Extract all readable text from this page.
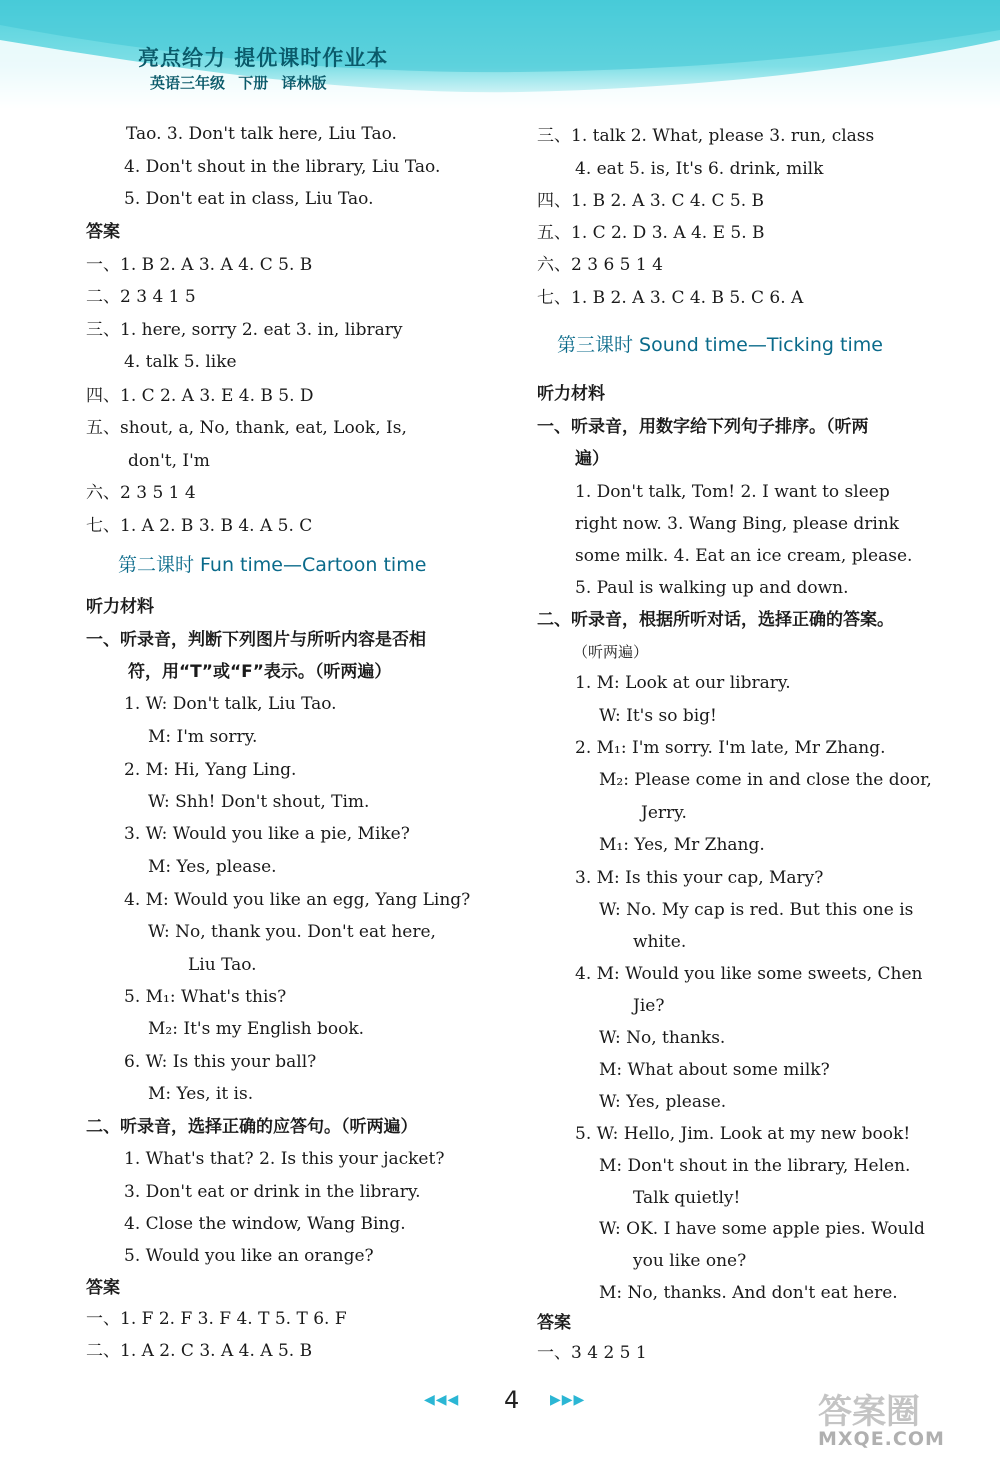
亮点给力 提优课时作业本
英语三年级 下册 译林版
Tao. 3. Don't talk here, Liu Tao.
4. Don't shout in the library, Liu Tao.
5. Don't eat in class, Liu Tao.
答案
一、1. B 2. A 3. A 4. C 5. B
二、2 3 4 1 5
三、1. here, sorry 2. eat 3. in, library
4. talk 5. like
四、1. C 2. A 3. E 4. B 5. D
五、shout, a, No, thank, eat, Look, Is,
don't, I'm
六、2 3 5 1 4
七、1. A 2. B 3. B 4. A 5. C
第二课时 Fun time—Cartoon time
听力材料
一、听录音，判断下列图片与所听内容是否相
符，用“T”或“F”表示。（听两遍）
1. W: Don't talk, Liu Tao.
M: I'm sorry.
2. M: Hi, Yang Ling.
W: Shh! Don't shout, Tim.
3. W: Would you like a pie, Mike?
M: Yes, please.
4. M: Would you like an egg, Yang Ling?
W: No, thank you. Don't eat here,
Liu Tao.
5. M₁: What's this?
M₂: It's my English book.
6. W: Is this your ball?
M: Yes, it is.
二、听录音，选择正确的应答句。（听两遍）
1. What's that? 2. Is this your jacket?
3. Don't eat or drink in the library.
4. Close the window, Wang Bing.
5. Would you like an orange?
答案
一、1. F 2. F 3. F 4. T 5. T 6. F
二、1. A 2. C 3. A 4. A 5. B
三、1. talk 2. What, please 3. run, class
4. eat 5. is, It's 6. drink, milk
四、1. B 2. A 3. C 4. C 5. B
五、1. C 2. D 3. A 4. E 5. B
六、2 3 6 5 1 4
七、1. B 2. A 3. C 4. B 5. C 6. A
第三课时 Sound time—Ticking time
听力材料
一、听录音，用数字给下列句子排序。（听两
遍）
1. Don't talk, Tom! 2. I want to sleep
right now. 3. Wang Bing, please drink
some milk. 4. Eat an ice cream, please.
5. Paul is walking up and down.
二、听录音，根据所听对话，选择正确的答案。
（听两遍）
1. M: Look at our library.
W: It's so big!
2. M₁: I'm sorry. I'm late, Mr Zhang.
M₂: Please come in and close the door,
Jerry.
M₁: Yes, Mr Zhang.
3. M: Is this your cap, Mary?
W: No. My cap is red. But this one is
white.
4. M: Would you like some sweets, Chen
Jie?
W: No, thanks.
M: What about some milk?
W: Yes, please.
5. W: Hello, Jim. Look at my new book!
M: Don't shout in the library, Helen.
Talk quietly!
W: OK. I have some apple pies. Would
you like one?
M: No, thanks. And don't eat here.
答案
一、3 4 2 5 1
◀◀◀ 4 ▶▶▶	答案圈
MXQE.COM
